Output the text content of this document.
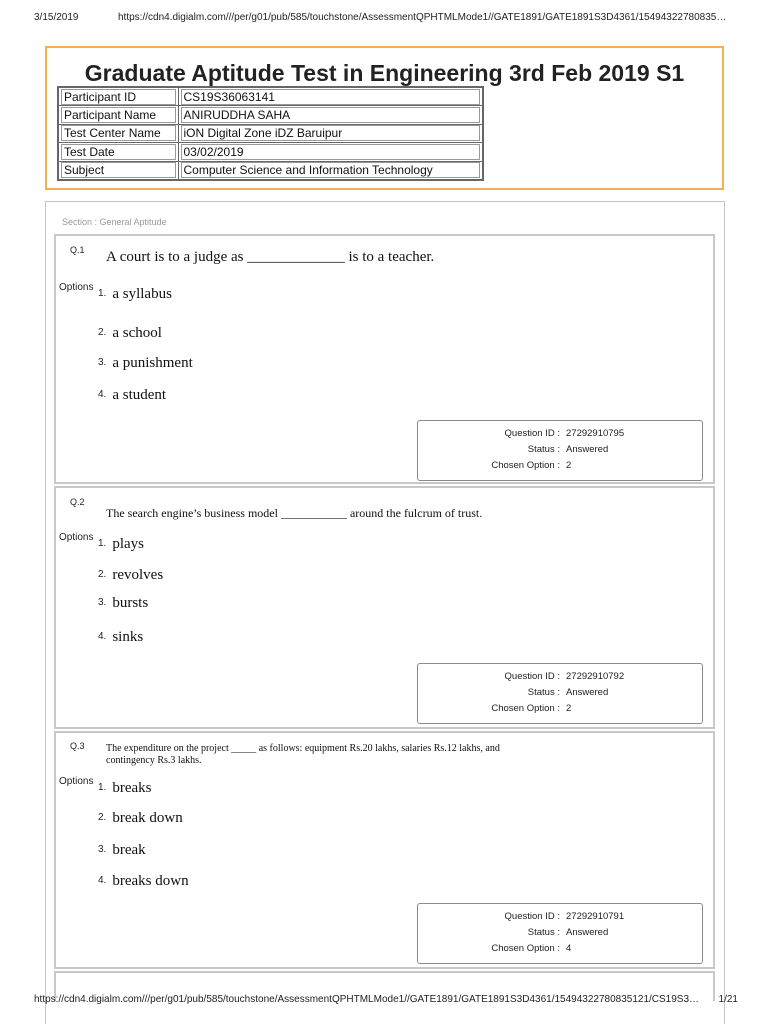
3/15/2019	https://cdn4.digialm.com///per/g01/pub/585/touchstone/AssessmentQPHTMLMode1//GATE1891/GATE1891S3D4361/15494322780835…
Graduate Aptitude Test in Engineering 3rd Feb 2019 S1
Participant ID	CS19S36063141

Participant Name	ANIRUDDHA SAHA

Test Center Name	iON Digital Zone iDZ Baruipur

Test Date	03/02/2019

Subject	Computer Science and Information Technology
Section : General Aptitude
Q.1 A court is to a judge as _____________ is to a teacher.
Options
1. a syllabus
2. a school
3. a punishment
4. a student
Question ID : 27292910795
Status : Answered
Chosen Option : 2
Q.2
The search engine’s business model ___________ around the fulcrum of trust.
Options
1. plays
2. revolves
3. bursts
4. sinks
Question ID : 27292910792
Status : Answered
Chosen Option : 2
Q.3 The expenditure on the project _____ as follows: equipment Rs.20 lakhs, salaries Rs.12 lakhs, and contingency Rs.3 lakhs.
Options
1. breaks
2. break down
3. break
4. breaks down
Question ID : 27292910791
Status : Answered
Chosen Option : 4
https://cdn4.digialm.com///per/g01/pub/585/touchstone/AssessmentQPHTMLMode1//GATE1891/GATE1891S3D4361/15494322780835121/CS19S3… 1/21
